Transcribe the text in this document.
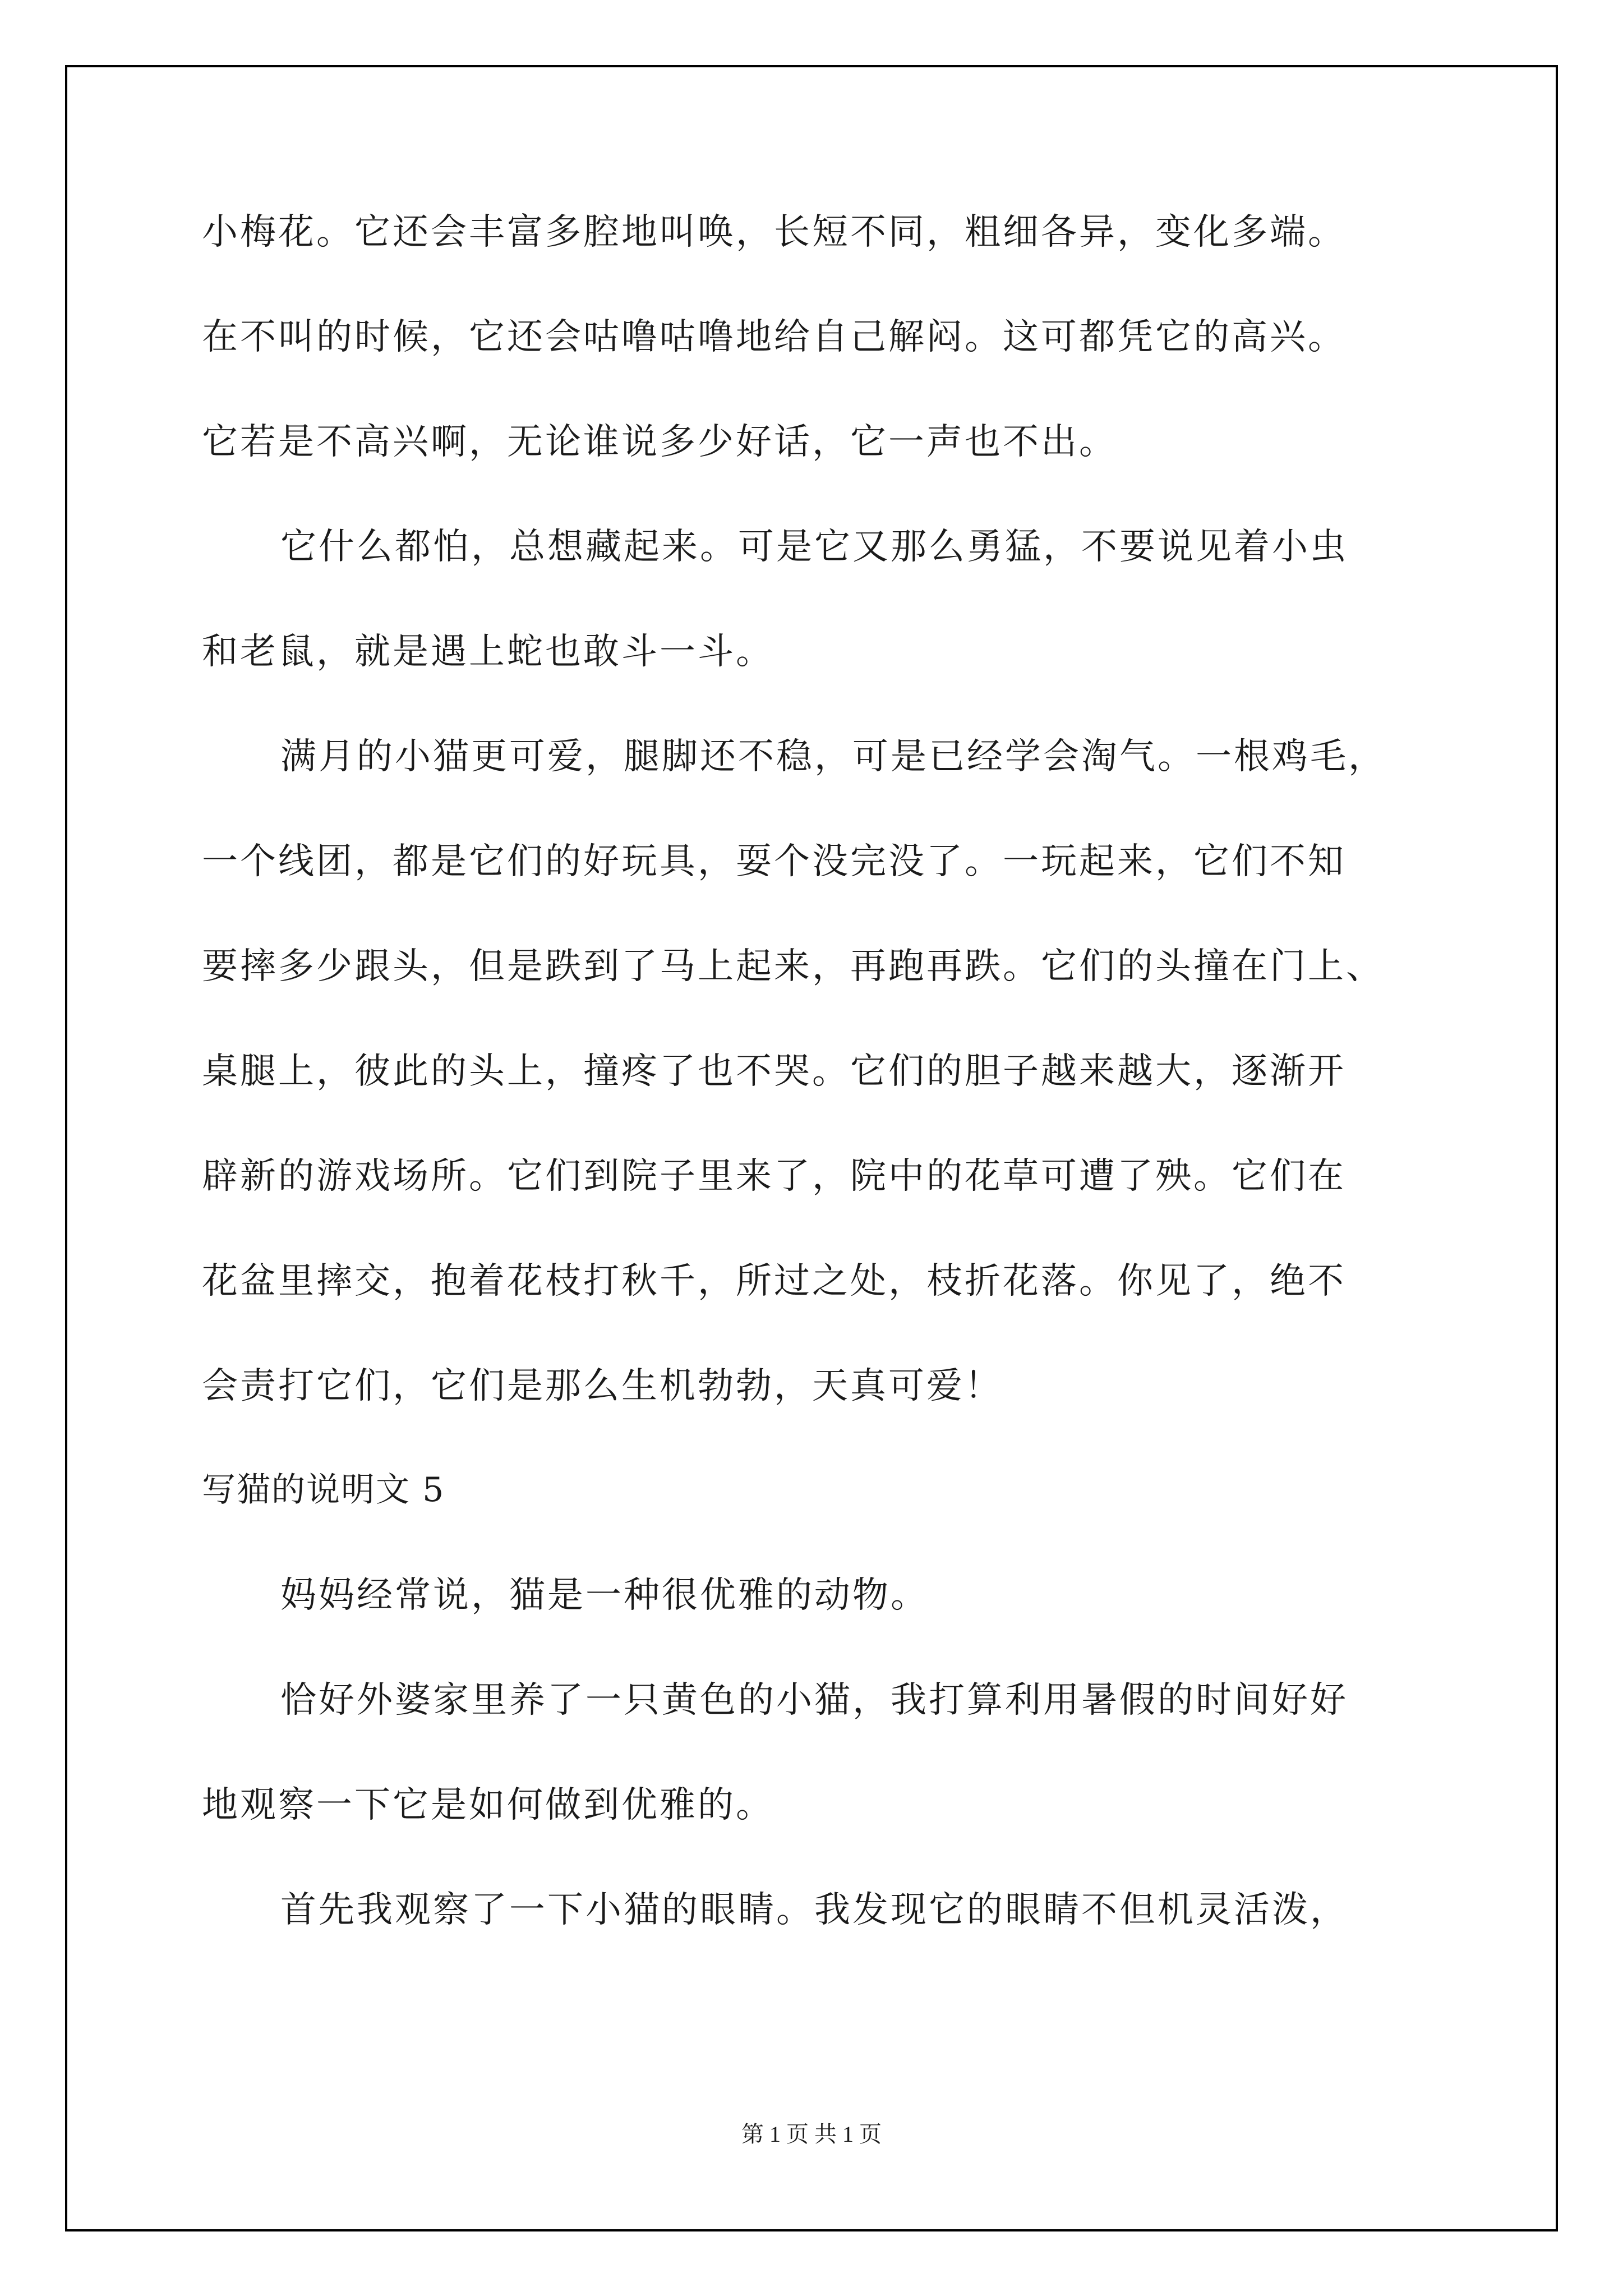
小梅花。它还会丰富多腔地叫唤，长短不同，粗细各异，变化多端。
在不叫的时候，它还会咕噜咕噜地给自己解闷。这可都凭它的高兴。
它若是不高兴啊，无论谁说多少好话，它一声也不出。
它什么都怕，总想藏起来。可是它又那么勇猛，不要说见着小虫
和老鼠，就是遇上蛇也敢斗一斗。
满月的小猫更可爱，腿脚还不稳，可是已经学会淘气。一根鸡毛，
一个线团，都是它们的好玩具，耍个没完没了。一玩起来，它们不知
要摔多少跟头，但是跌到了马上起来，再跑再跌。它们的头撞在门上、
桌腿上，彼此的头上，撞疼了也不哭。它们的胆子越来越大，逐渐开
辟新的游戏场所。它们到院子里来了，院中的花草可遭了殃。它们在
花盆里摔交，抱着花枝打秋千，所过之处，枝折花落。你见了，绝不
会责打它们，它们是那么生机勃勃，天真可爱！
写猫的说明文 5
妈妈经常说，猫是一种很优雅的动物。
恰好外婆家里养了一只黄色的小猫，我打算利用暑假的时间好好
地观察一下它是如何做到优雅的。
首先我观察了一下小猫的眼睛。我发现它的眼睛不但机灵活泼，
第 1 页 共 1 页
